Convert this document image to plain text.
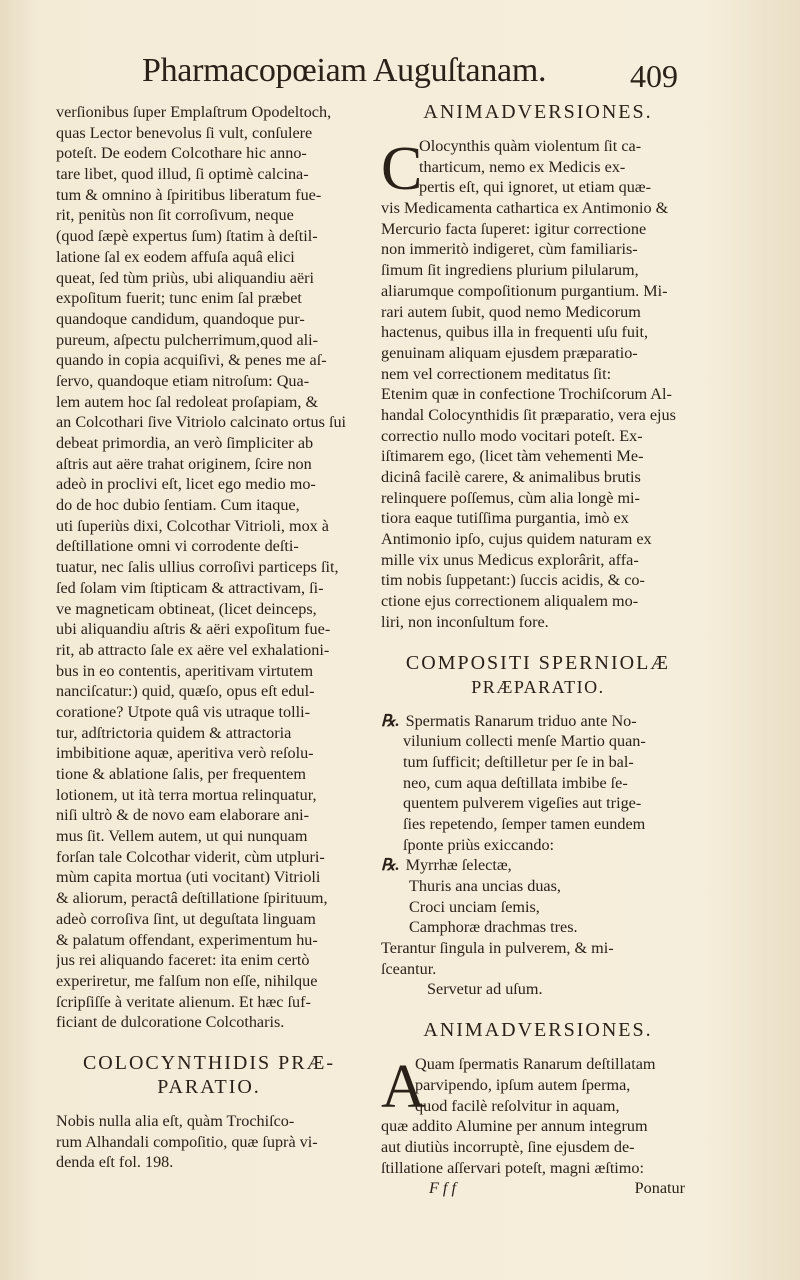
Pharmacopœiam Auguſtanam.	409
verſionibus ſuper Emplaſtrum Opodeltoch,
quas Lector benevolus ſi vult, conſulere
poteſt. De eodem Colcothare hic anno-
tare libet, quod illud, ſi optimè calcina-
tum & omnino à ſpiritibus liberatum fue-
rit, penitùs non ſit corroſivum, neque
(quod ſæpè expertus ſum) ſtatim à deſtil-
latione ſal ex eodem affuſa aquâ elici
queat, ſed tùm priùs, ubi aliquandiu aëri
expoſitum fuerit; tunc enim ſal præbet
quandoque candidum, quandoque pur-
pureum, aſpectu pulcherrimum,quod ali-
quando in copia acquiſivi, & penes me aſ-
ſervo, quandoque etiam nitroſum: Qua-
lem autem hoc ſal redoleat proſapiam, &
an Colcothari ſive Vitriolo calcinato ortus ſui
debeat primordia, an verò ſimpliciter ab
aſtris aut aëre trahat originem, ſcire non
adeò in proclivi eſt, licet ego medio mo-
do de hoc dubio ſentiam. Cum itaque,
uti ſuperiùs dixi, Colcothar Vitrioli, mox à
deſtillatione omni vi corrodente deſti-
tuatur, nec ſalis ullius corroſivi particeps ſit,
ſed ſolam vim ſtipticam & attractivam, ſi-
ve magneticam obtineat, (licet deinceps,
ubi aliquandiu aſtris & aëri expoſitum fue-
rit, ab attracto ſale ex aëre vel exhalationi-
bus in eo contentis, aperitivam virtutem
nanciſcatur:) quid, quæſo, opus eſt edul-
coratione? Utpote quâ vis utraque tolli-
tur, adſtrictoria quidem & attractoria
imbibitione aquæ, aperitiva verò reſolu-
tione & ablatione ſalis, per frequentem
lotionem, ut ità terra mortua relinquatur,
niſi ultrò & de novo eam elaborare ani-
mus ſit. Vellem autem, ut qui nunquam
forſan tale Colcothar viderit, cùm utpluri-
mùm capita mortua (uti vocitant) Vitrioli
& aliorum, peractâ deſtillatione ſpirituum,
adeò corroſiva ſint, ut deguſtata linguam
& palatum offendant, experimentum hu-
jus rei aliquando faceret: ita enim certò
experiretur, me falſum non eſſe, nihilque
ſcripſiſſe à veritate alienum. Et hæc ſuf-
ficiant de dulcoratione Colcotharis.
COLOCYNTHIDIS PRÆ-
PARATIO.
Nobis nulla alia eſt, quàm Trochiſco-
rum Alhandali compoſitio, quæ ſuprà vi-
denda eſt fol. 198.
ANIMADVERSIONES.
C
Olocynthis quàm violentum ſit ca-
tharticum, nemo ex Medicis ex-
pertis eſt, qui ignoret, ut etiam quæ-
vis Medicamenta cathartica ex Antimonio &
Mercurio facta ſuperet: igitur correctione
non immeritò indigeret, cùm familiaris-
ſimum ſit ingrediens plurium pilularum,
aliarumque compoſitionum purgantium. Mi-
rari autem ſubit, quod nemo Medicorum
hactenus, quibus illa in frequenti uſu fuit,
genuinam aliquam ejusdem præparatio-
nem vel correctionem meditatus ſit:
Etenim quæ in confectione Trochiſcorum Al-
handal Colocynthidis ſit præparatio, vera ejus
correctio nullo modo vocitari poteſt. Ex-
iſtimarem ego, (licet tàm vehementi Me-
dicinâ facilè carere, & animalibus brutis
relinquere poſſemus, cùm alia longè mi-
tiora eaque tutiſſima purgantia, imò ex
Antimonio ipſo, cujus quidem naturam ex
mille vix unus Medicus explorârit, affa-
tim nobis ſuppetant:) ſuccis acidis, & co-
ctione ejus correctionem aliqualem mo-
liri, non inconſultum fore.
COMPOSITI SPERNIOLÆ
PRÆPARATIO.
℞. Spermatis Ranarum triduo ante No-
vilunium collecti menſe Martio quan-
tum ſufficit; deſtilletur per ſe in bal-
neo, cum aqua deſtillata imbibe ſe-
quentem pulverem vigeſies aut trige-
ſies repetendo, ſemper tamen eundem
ſponte priùs exiccando:
℞. Myrrhæ ſelectæ,
Thuris ana uncias duas,
Croci unciam ſemis,
Camphoræ drachmas tres.
Terantur ſingula in pulverem, & mi-
ſceantur.
Servetur ad uſum.
ANIMADVERSIONES.
A
Quam ſpermatis Ranarum deſtillatam
parvipendo, ipſum autem ſperma,
quod facilè reſolvitur in aquam,
quæ addito Alumine per annum integrum
aut diutiùs incorruptè, ſine ejusdem de-
ſtillatione aſſervari poteſt, magni æſtimo:
F f f	Ponatur
